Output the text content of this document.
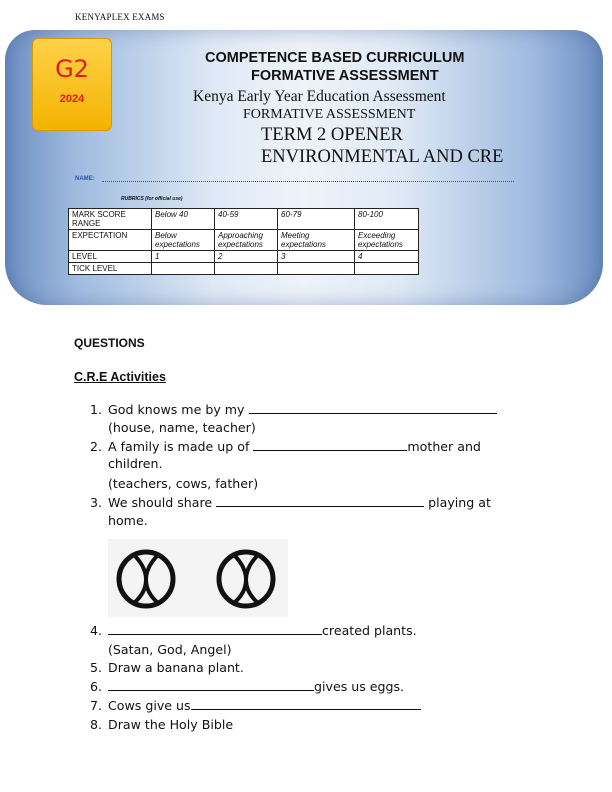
KENYAPLEX EXAMS
G2
2024
COMPETENCE BASED CURRICULUM
FORMATIVE ASSESSMENT
Kenya Early Year Education Assessment
FORMATIVE ASSESSMENT
TERM 2 OPENER
ENVIRONMENTAL AND CRE
NAME:
RUBRICS (for official use)
MARK SCORE RANGE	Below 40	40-59	60-79	80-100
EXPECTATION	Below expectations	Approaching expectations	Meeting expectations	Exceeding expectations
LEVEL	1	2	3	4
TICK LEVEL				
QUESTIONS
C.R.E Activities
1. God knows me by my
(house, name, teacher)
2. A family is made up of	mother and
children.
(teachers, cows, father)
3. We should share	playing at
home.
4.	created plants.
(Satan, God, Angel)
5. Draw a banana plant.
6.	gives us eggs.
7. Cows give us
8. Draw the Holy Bible
